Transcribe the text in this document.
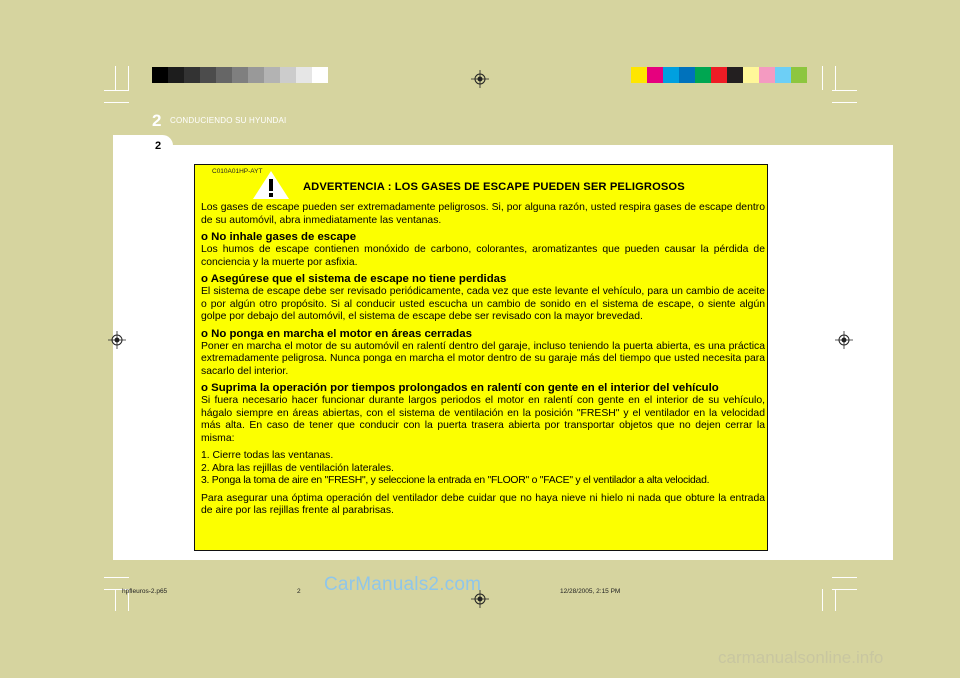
2 CONDUCIENDO SU HYUNDAI
2
C010A01HP-AYT
ADVERTENCIA : LOS GASES DE ESCAPE PUEDEN SER PELIGROSOS

Los gases de escape pueden ser extremadamente peligrosos. Si, por alguna razón, usted respira gases de escape dentro de su automóvil, abra inmediatamente las ventanas.

o No inhale gases de escape

Los humos de escape contienen monóxido de carbono, colorantes, aromatizantes que pueden causar la pérdida de conciencia y la muerte por asfixia.

o Asegúrese que el sistema de escape no tiene perdidas

El sistema de escape debe ser revisado periódicamente, cada vez que este levante el vehículo, para un cambio de aceite o por algún otro propósito. Si al conducir usted escucha un cambio de sonido en el sistema de escape, o siente algún golpe por debajo del automóvil, el sistema de escape debe ser revisado con la mayor brevedad.

o No ponga en marcha el motor en áreas cerradas

Poner en marcha el motor de su automóvil en ralentí dentro del garaje, incluso teniendo la puerta abierta, es una práctica extremadamente peligrosa. Nunca ponga en marcha el motor dentro de su garaje más del tiempo que usted necesita para sacarlo del interior.

o Suprima la operación por tiempos prolongados en ralentí con gente en el interior del vehículo

Si fuera necesario hacer funcionar durante largos periodos el motor en ralentí con gente en el interior de su vehículo, hágalo siempre en áreas abiertas, con el sistema de ventilación en la posición "FRESH" y el ventilador en la velocidad más alta. En caso de tener que conducir con la puerta trasera abierta por transportar objetos que no dejen cerrar la misma:

1. Cierre todas las ventanas.

2. Abra las rejillas de ventilación laterales.

3. Ponga la toma de aire en "FRESH", y seleccione la entrada en "FLOOR" o "FACE" y el ventilador a alta velocidad.

Para asegurar una óptima operación del ventilador debe cuidar que no haya nieve ni hielo ni nada que obture la entrada de aire por las rejillas frente al parabrisas.

hpfleuros-2.p65	2	12/28/2005, 2:15 PM
CarManuals2.com
carmanualsonline.info
